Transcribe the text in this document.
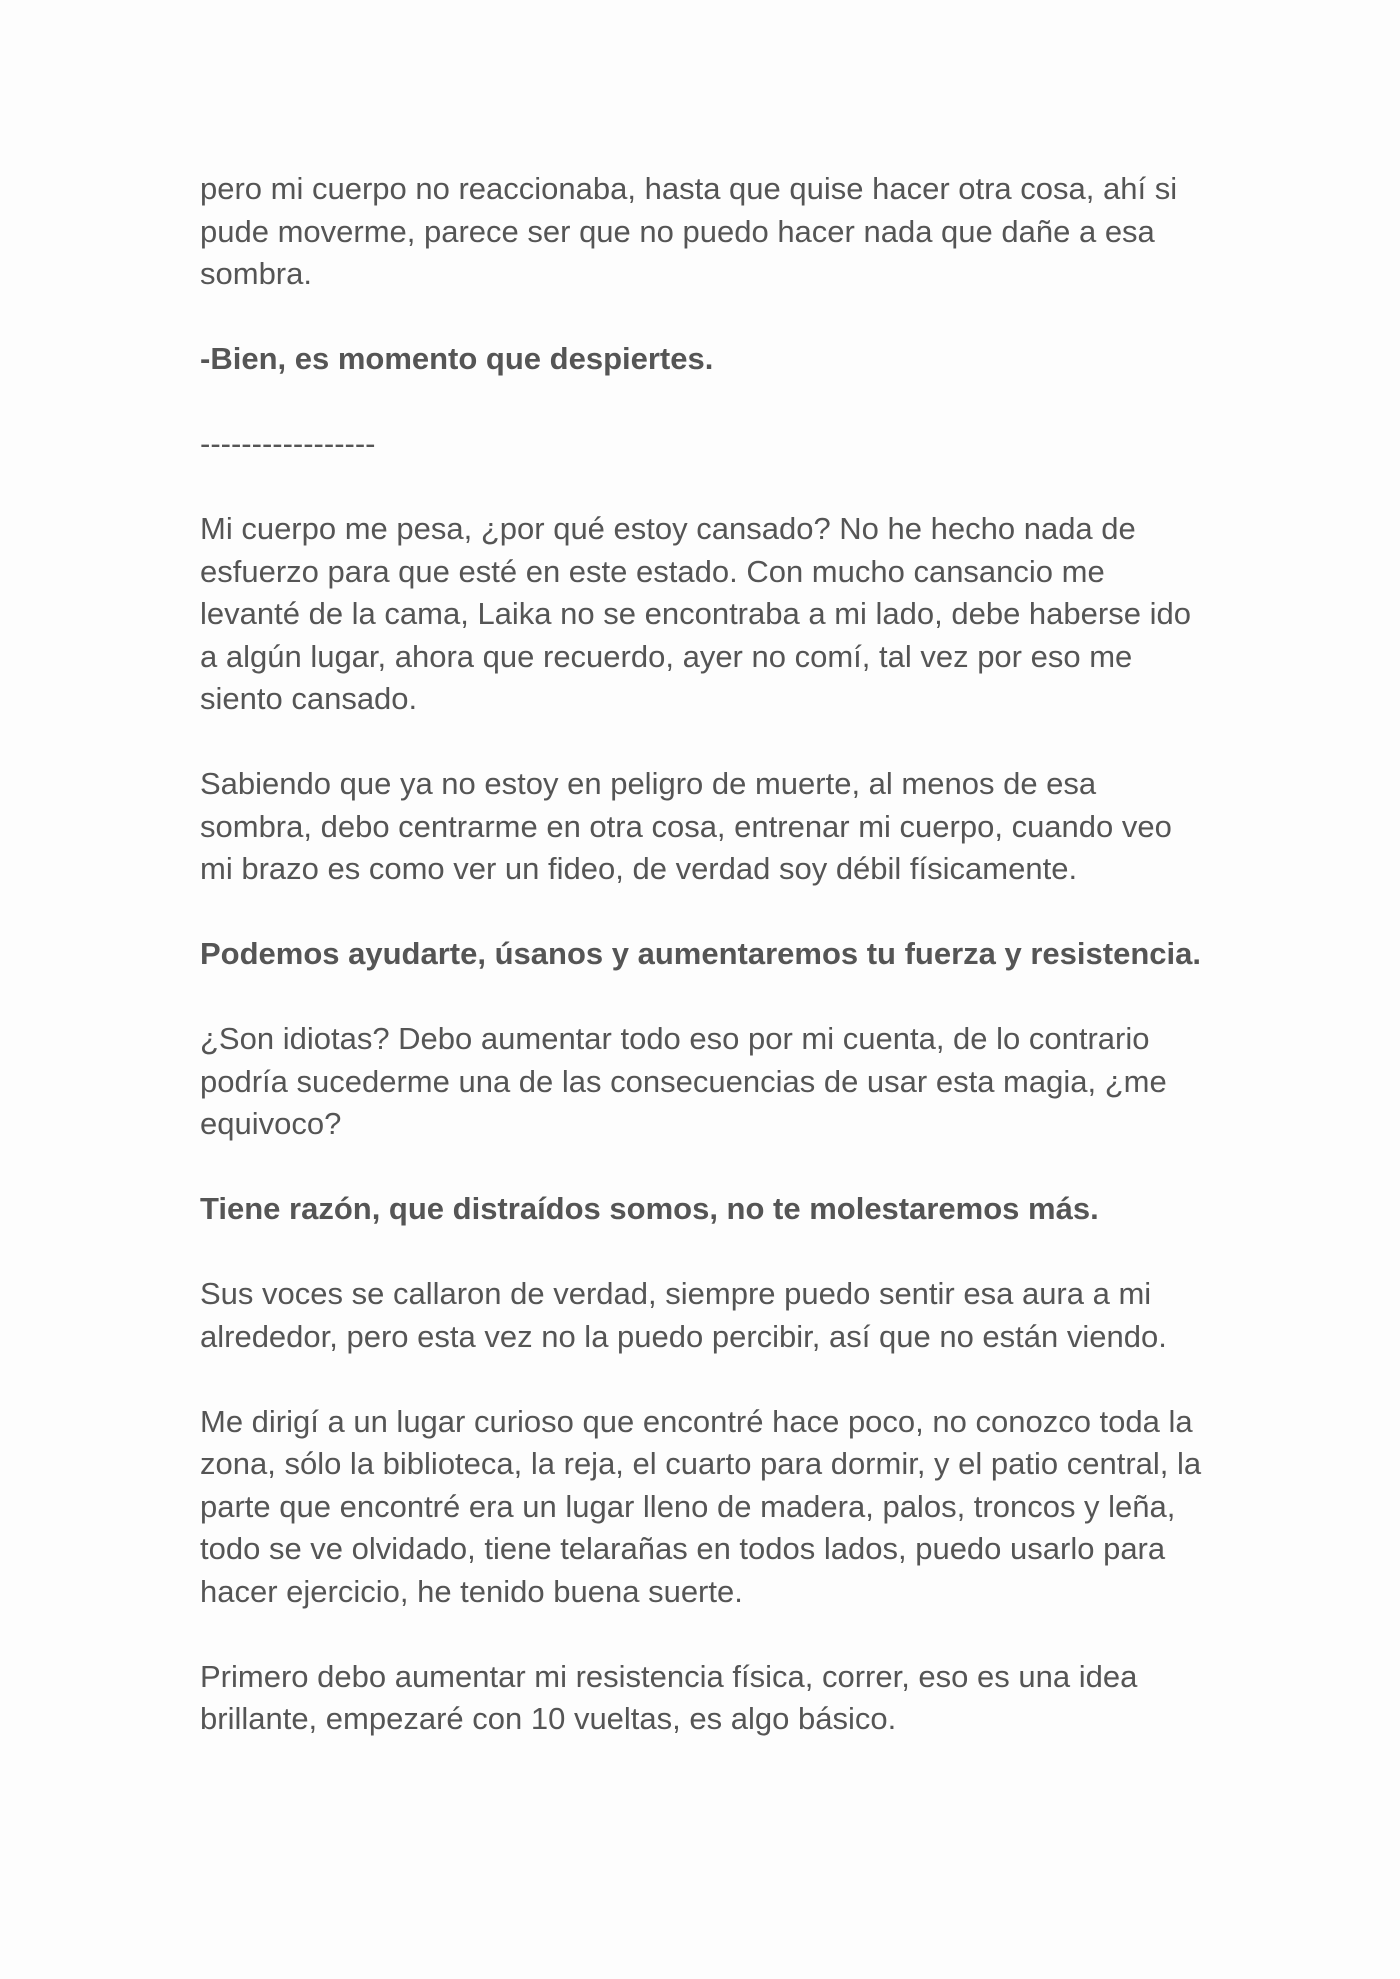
pero mi cuerpo no reaccionaba, hasta que quise hacer otra cosa, ahí si pude moverme, parece ser que no puedo hacer nada que dañe a esa sombra.

-Bien, es momento que despiertes.

-----------------

Mi cuerpo me pesa, ¿por qué estoy cansado? No he hecho nada de esfuerzo para que esté en este estado. Con mucho cansancio me levanté de la cama, Laika no se encontraba a mi lado, debe haberse ido a algún lugar, ahora que recuerdo, ayer no comí, tal vez por eso me siento cansado.

Sabiendo que ya no estoy en peligro de muerte, al menos de esa sombra, debo centrarme en otra cosa, entrenar mi cuerpo, cuando veo mi brazo es como ver un fideo, de verdad soy débil físicamente.

Podemos ayudarte, úsanos y aumentaremos tu fuerza y resistencia.

¿Son idiotas? Debo aumentar todo eso por mi cuenta, de lo contrario podría sucederme una de las consecuencias de usar esta magia, ¿me equivoco?

Tiene razón, que distraídos somos, no te molestaremos más.

Sus voces se callaron de verdad, siempre puedo sentir esa aura a mi alrededor, pero esta vez no la puedo percibir, así que no están viendo.

Me dirigí a un lugar curioso que encontré hace poco, no conozco toda la zona, sólo la biblioteca, la reja, el cuarto para dormir, y el patio central, la parte que encontré era un lugar lleno de madera, palos, troncos y leña, todo se ve olvidado, tiene telarañas en todos lados, puedo usarlo para hacer ejercicio, he tenido buena suerte.

Primero debo aumentar mi resistencia física, correr, eso es una idea brillante, empezaré con 10 vueltas, es algo básico.
